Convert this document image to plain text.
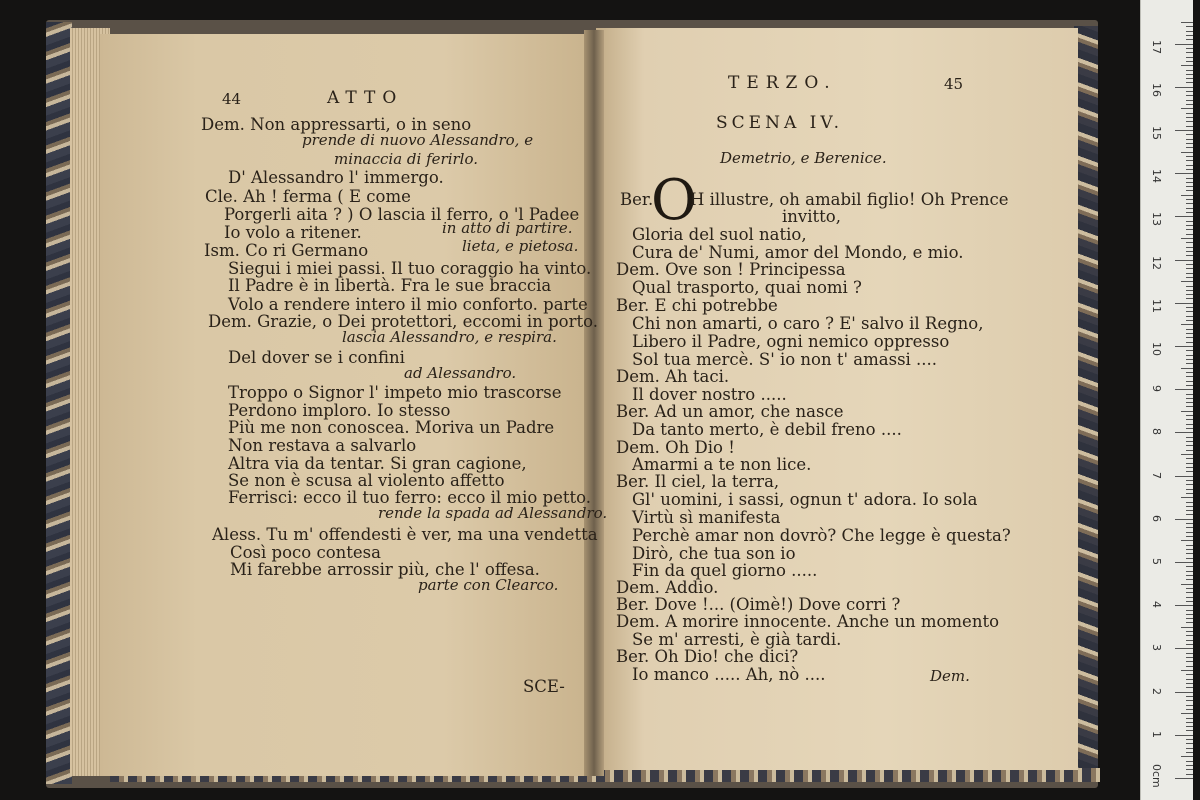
44	ATTO
Dem. Non appressarti, o in seno
prende di nuovo Alessandro, e
minaccia di ferirlo.
D' Alessandro l' immergo.
Cle. Ah ! ferma ( E come
Porgerli aita ? ) O lascia il ferro, o 'l Padee
Io volo a ritener.	in atto di partire.
Ism. Co ri Germano	lieta, e pietosa.
Siegui i miei passi. Il tuo coraggio ha vinto.
Il Padre è in libertà. Fra le sue braccia
Volo a rendere intero il mio conforto. parte
Dem. Grazie, o Dei protettori, eccomi in porto.
lascia Alessandro, e respira.
Del dover se i confini
ad Alessandro.
Troppo o Signor l' impeto mio trascorse
Perdono imploro. Io stesso
Più me non conoscea. Moriva un Padre
Non restava a salvarlo
Altra via da tentar. Si gran cagione,
Se non è scusa al violento affetto
Ferrisci: ecco il tuo ferro: ecco il mio petto.
rende la spada ad Alessandro.
Aless. Tu m' offendesti è ver, ma una vendetta
Così poco contesa
Mi farebbe arrossir più, che l' offesa.
parte con Clearco.
SCE-
TERZO.	45
SCENA IV.
Demetrio, e Berenice.
O
Ber. H illustre, oh amabil figlio! Oh Prence
invitto,
Gloria del suol natio,
Cura de' Numi, amor del Mondo, e mio.
Dem. Ove son ! Principessa
Qual trasporto, quai nomi ?
Ber. E chi potrebbe
Chi non amarti, o caro ? E' salvo il Regno,
Libero il Padre, ogni nemico oppresso
Sol tua mercè. S' io non t' amassi ....
Dem. Ah taci.
Il dover nostro .....
Ber. Ad un amor, che nasce
Da tanto merto, è debil freno ....
Dem. Oh Dio !
Amarmi a te non lice.
Ber. Il ciel, la terra,
Gl' uomini, i sassi, ognun t' adora. Io sola
Virtù sì manifesta
Perchè amar non dovrò? Che legge è questa?
Dirò, che tua son io
Fin da quel giorno .....
Dem. Addio.
Ber. Dove !... (Oimè!) Dove corri ?
Dem. A morire innocente. Anche un momento
Se m' arresti, è già tardi.
Ber. Oh Dio! che dici?
Io manco ..... Ah, nò ....	Dem.
0cm
1
2
3
4
5
6
7
8
9
10
11
12
13
14
15
16
17
